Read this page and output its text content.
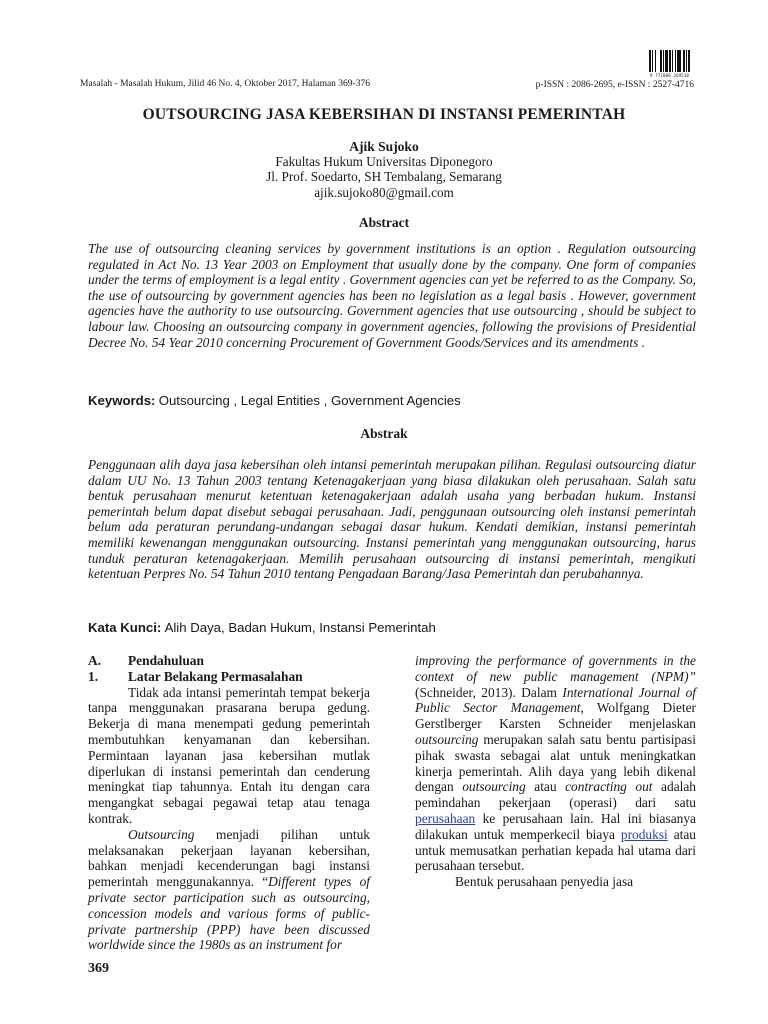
9 772086 269510
Masalah - Masalah Hukum, Jilid 46 No. 4, Oktober 2017, Halaman 369-376	p-ISSN : 2086-2695, e-ISSN : 2527-4716
OUTSOURCING JASA KEBERSIHAN DI INSTANSI PEMERINTAH
Ajik Sujoko
Fakultas Hukum Universitas Diponegoro
Jl. Prof. Soedarto, SH Tembalang, Semarang
ajik.sujoko80@gmail.com
Abstract
The use of outsourcing cleaning services by government institutions is an option . Regulation outsourcing regulated in Act No. 13 Year 2003 on Employment that usually done by the company. One form of companies under the terms of employment is a legal entity . Government agencies can yet be referred to as the Company. So, the use of outsourcing by government agencies has been no legislation as a legal basis . However, government agencies have the authority to use outsourcing. Government agencies that use outsourcing , should be subject to labour law. Choosing an outsourcing company in government agencies, following the provisions of Presidential Decree No. 54 Year 2010 concerning Procurement of Government Goods/Services and its amendments .
Keywords: Outsourcing , Legal Entities , Government Agencies
Abstrak
Penggunaan alih daya jasa kebersihan oleh intansi pemerintah merupakan pilihan. Regulasi outsourcing diatur dalam UU No. 13 Tahun 2003 tentang Ketenagakerjaan yang biasa dilakukan oleh perusahaan. Salah satu bentuk perusahaan menurut ketentuan ketenagakerjaan adalah usaha yang berbadan hukum. Instansi pemerintah belum dapat disebut sebagai perusahaan. Jadi, penggunaan outsourcing oleh instansi pemerintah belum ada peraturan perundang-undangan sebagai dasar hukum. Kendati demikian, instansi pemerintah memiliki kewenangan menggunakan outsourcing. Instansi pemerintah yang menggunakan outsourcing, harus tunduk peraturan ketenagakerjaan. Memilih perusahaan outsourcing di instansi pemerintah, mengikuti ketentuan Perpres No. 54 Tahun 2010 tentang Pengadaan Barang/Jasa Pemerintah dan perubahannya.
Kata Kunci: Alih Daya, Badan Hukum, Instansi Pemerintah
A.	Pendahuluan
1.	Latar Belakang Permasalahan

Tidak ada intansi pemerintah tempat bekerja tanpa menggunakan prasarana berupa gedung. Bekerja di mana menempati gedung pemerintah membutuhkan kenyamanan dan kebersihan. Permintaan layanan jasa kebersihan mutlak diperlukan di instansi pemerintah dan cenderung meningkat tiap tahunnya. Entah itu dengan cara mengangkat sebagai pegawai tetap atau tenaga kontrak.

Outsourcing menjadi pilihan untuk melaksanakan pekerjaan layanan kebersihan, bahkan menjadi kecenderungan bagi instansi pemerintah menggunakannya. “Different types of private sector participation such as outsourcing, concession models and various forms of public-private partnership (PPP) have been discussed worldwide since the 1980s as an instrument for

improving the performance of governments in the context of new public management (NPM)” (Schneider, 2013). Dalam International Journal of Public Sector Management, Wolfgang Dieter Gerstlberger Karsten Schneider menjelaskan outsourcing merupakan salah satu bentu partisipasi pihak swasta sebagai alat untuk meningkatkan kinerja pemerintah. Alih daya yang lebih dikenal dengan outsourcing atau contracting out adalah pemindahan pekerjaan (operasi) dari satu perusahaan ke perusahaan lain. Hal ini biasanya dilakukan untuk memperkecil biaya produksi atau untuk memusatkan perhatian kepada hal utama dari perusahaan tersebut.

Bentuk perusahaan penyedia jasa

369
